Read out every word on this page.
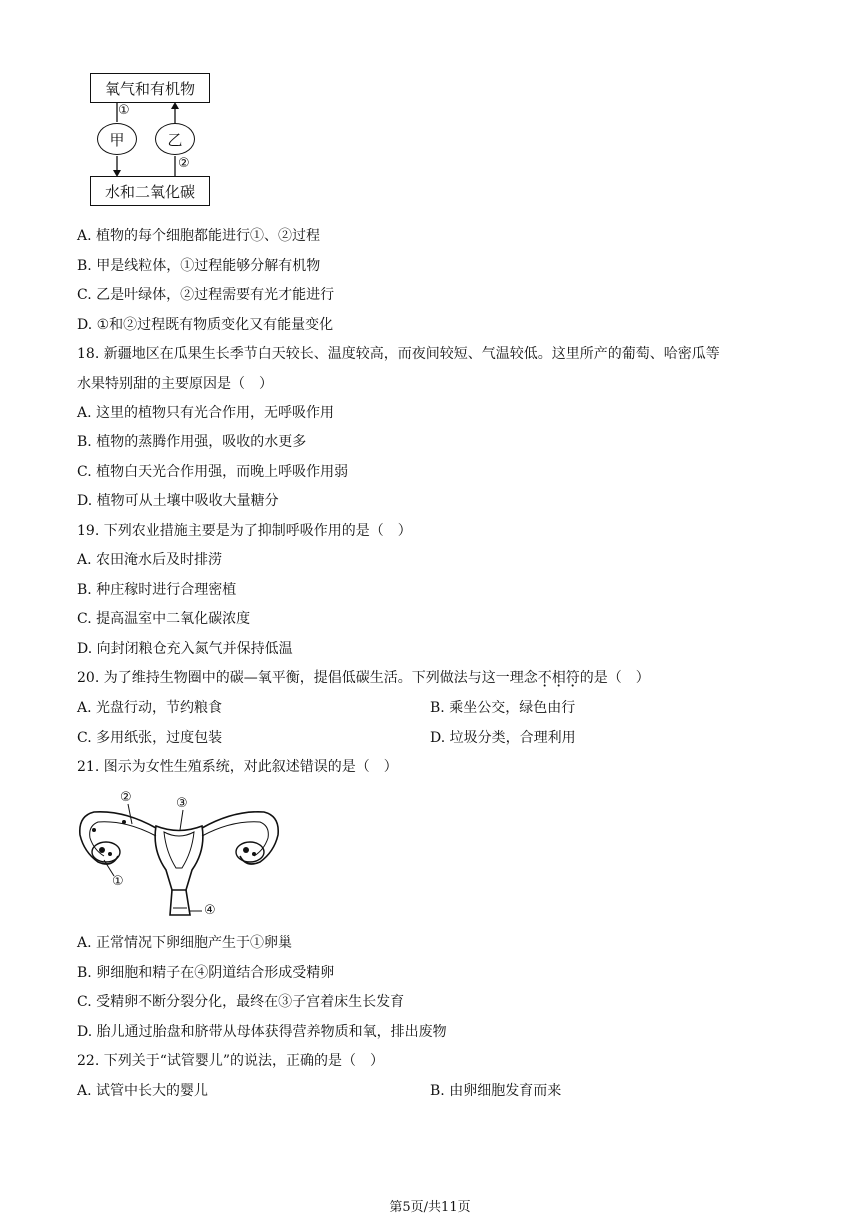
氧气和有机物
水和二氧化碳
甲	乙
①
②
A. 植物的每个细胞都能进行①、②过程
B. 甲是线粒体，①过程能够分解有机物
C. 乙是叶绿体，②过程需要有光才能进行
D. ①和②过程既有物质变化又有能量变化
18. 新疆地区在瓜果生长季节白天较长、温度较高，而夜间较短、气温较低。这里所产的葡萄、哈密瓜等
水果特别甜的主要原因是（　）
A. 这里的植物只有光合作用，无呼吸作用
B. 植物的蒸腾作用强，吸收的水更多
C. 植物白天光合作用强，而晚上呼吸作用弱
D. 植物可从土壤中吸收大量糖分
19. 下列农业措施主要是为了抑制呼吸作用的是（　）
A. 农田淹水后及时排涝
B. 种庄稼时进行合理密植
C. 提高温室中二氧化碳浓度
D. 向封闭粮仓充入氮气并保持低温
20. 为了维持生物圈中的碳—氧平衡，提倡低碳生活。下列做法与这一理念不相符的是（　）
A. 光盘行动，节约粮食	B. 乘坐公交，绿色由行
C. 多用纸张，过度包装	D. 垃圾分类，合理利用
21. 图示为女性生殖系统，对此叙述错误的是（　）
①
②	③
④
A. 正常情况下卵细胞产生于①卵巢
B. 卵细胞和精子在④阴道结合形成受精卵
C. 受精卵不断分裂分化，最终在③子宫着床生长发育
D. 胎儿通过胎盘和脐带从母体获得营养物质和氧，排出废物
22. 下列关于“试管婴儿”的说法，正确的是（　）
A. 试管中长大的婴儿	B. 由卵细胞发育而来
第5页/共11页
